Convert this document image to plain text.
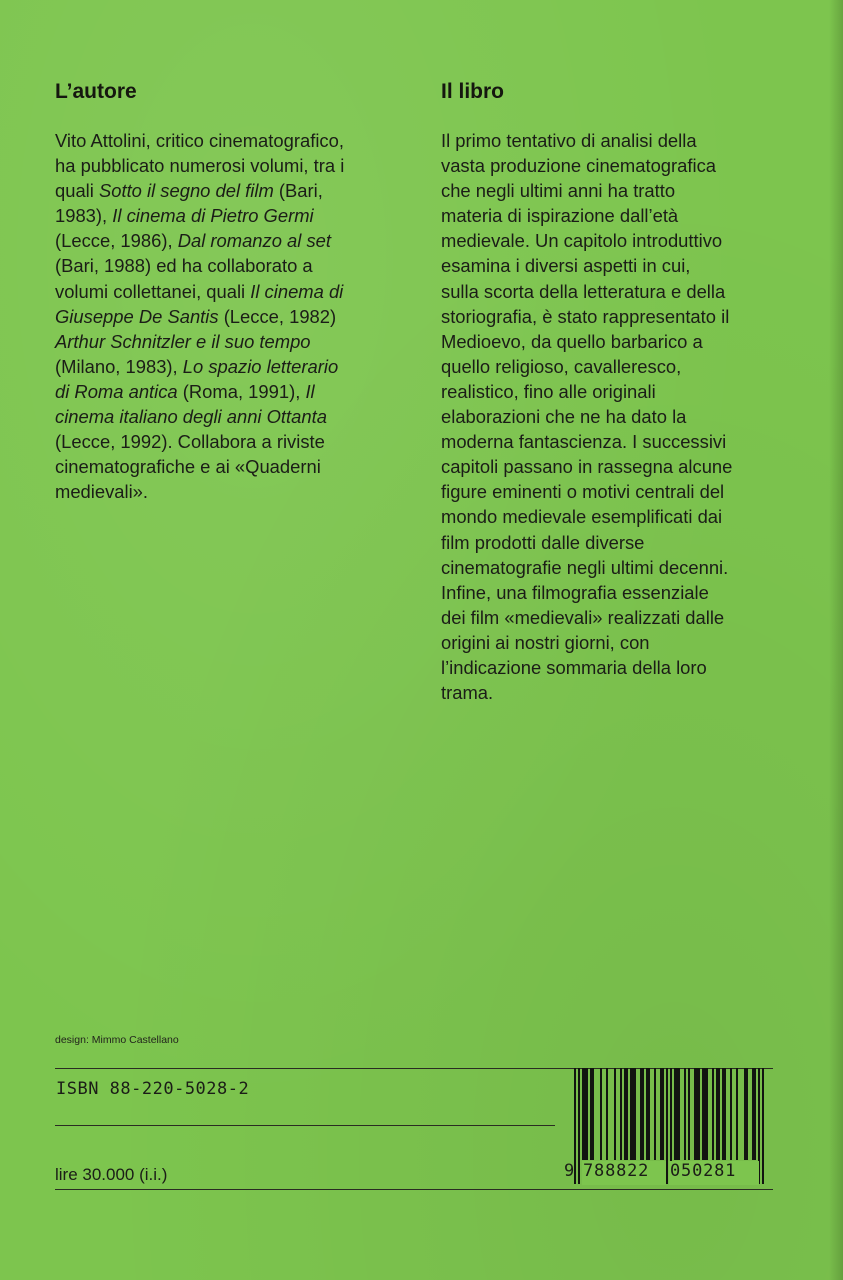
L’autore

Vito Attolini, critico cinematografico,
ha pubblicato numerosi volumi, tra i
quali Sotto il segno del film (Bari,
1983), Il cinema di Pietro Germi
(Lecce, 1986), Dal romanzo al set
(Bari, 1988) ed ha collaborato a
volumi collettanei, quali Il cinema di
Giuseppe De Santis (Lecce, 1982)
Arthur Schnitzler e il suo tempo
(Milano, 1983), Lo spazio letterario
di Roma antica (Roma, 1991), Il
cinema italiano degli anni Ottanta
(Lecce, 1992). Collabora a riviste
cinematografiche e ai «Quaderni
medievali».

Il libro

Il primo tentativo di analisi della
vasta produzione cinematografica
che negli ultimi anni ha tratto
materia di ispirazione dall’età
medievale. Un capitolo introduttivo
esamina i diversi aspetti in cui,
sulla scorta della letteratura e della
storiografia, è stato rappresentato il
Medioevo, da quello barbarico a
quello religioso, cavalleresco,
realistico, fino alle originali
elaborazioni che ne ha dato la
moderna fantascienza. I successivi
capitoli passano in rassegna alcune
figure eminenti o motivi centrali del
mondo medievale esemplificati dai
film prodotti dalle diverse
cinematografie negli ultimi decenni.
Infine, una filmografia essenziale
dei film «medievali» realizzati dalle
origini ai nostri giorni, con
l’indicazione sommaria della loro
trama.

design: Mimmo Castellano
ISBN 88-220-5028-2
lire 30.000 (i.i.)	9 788822 050281
